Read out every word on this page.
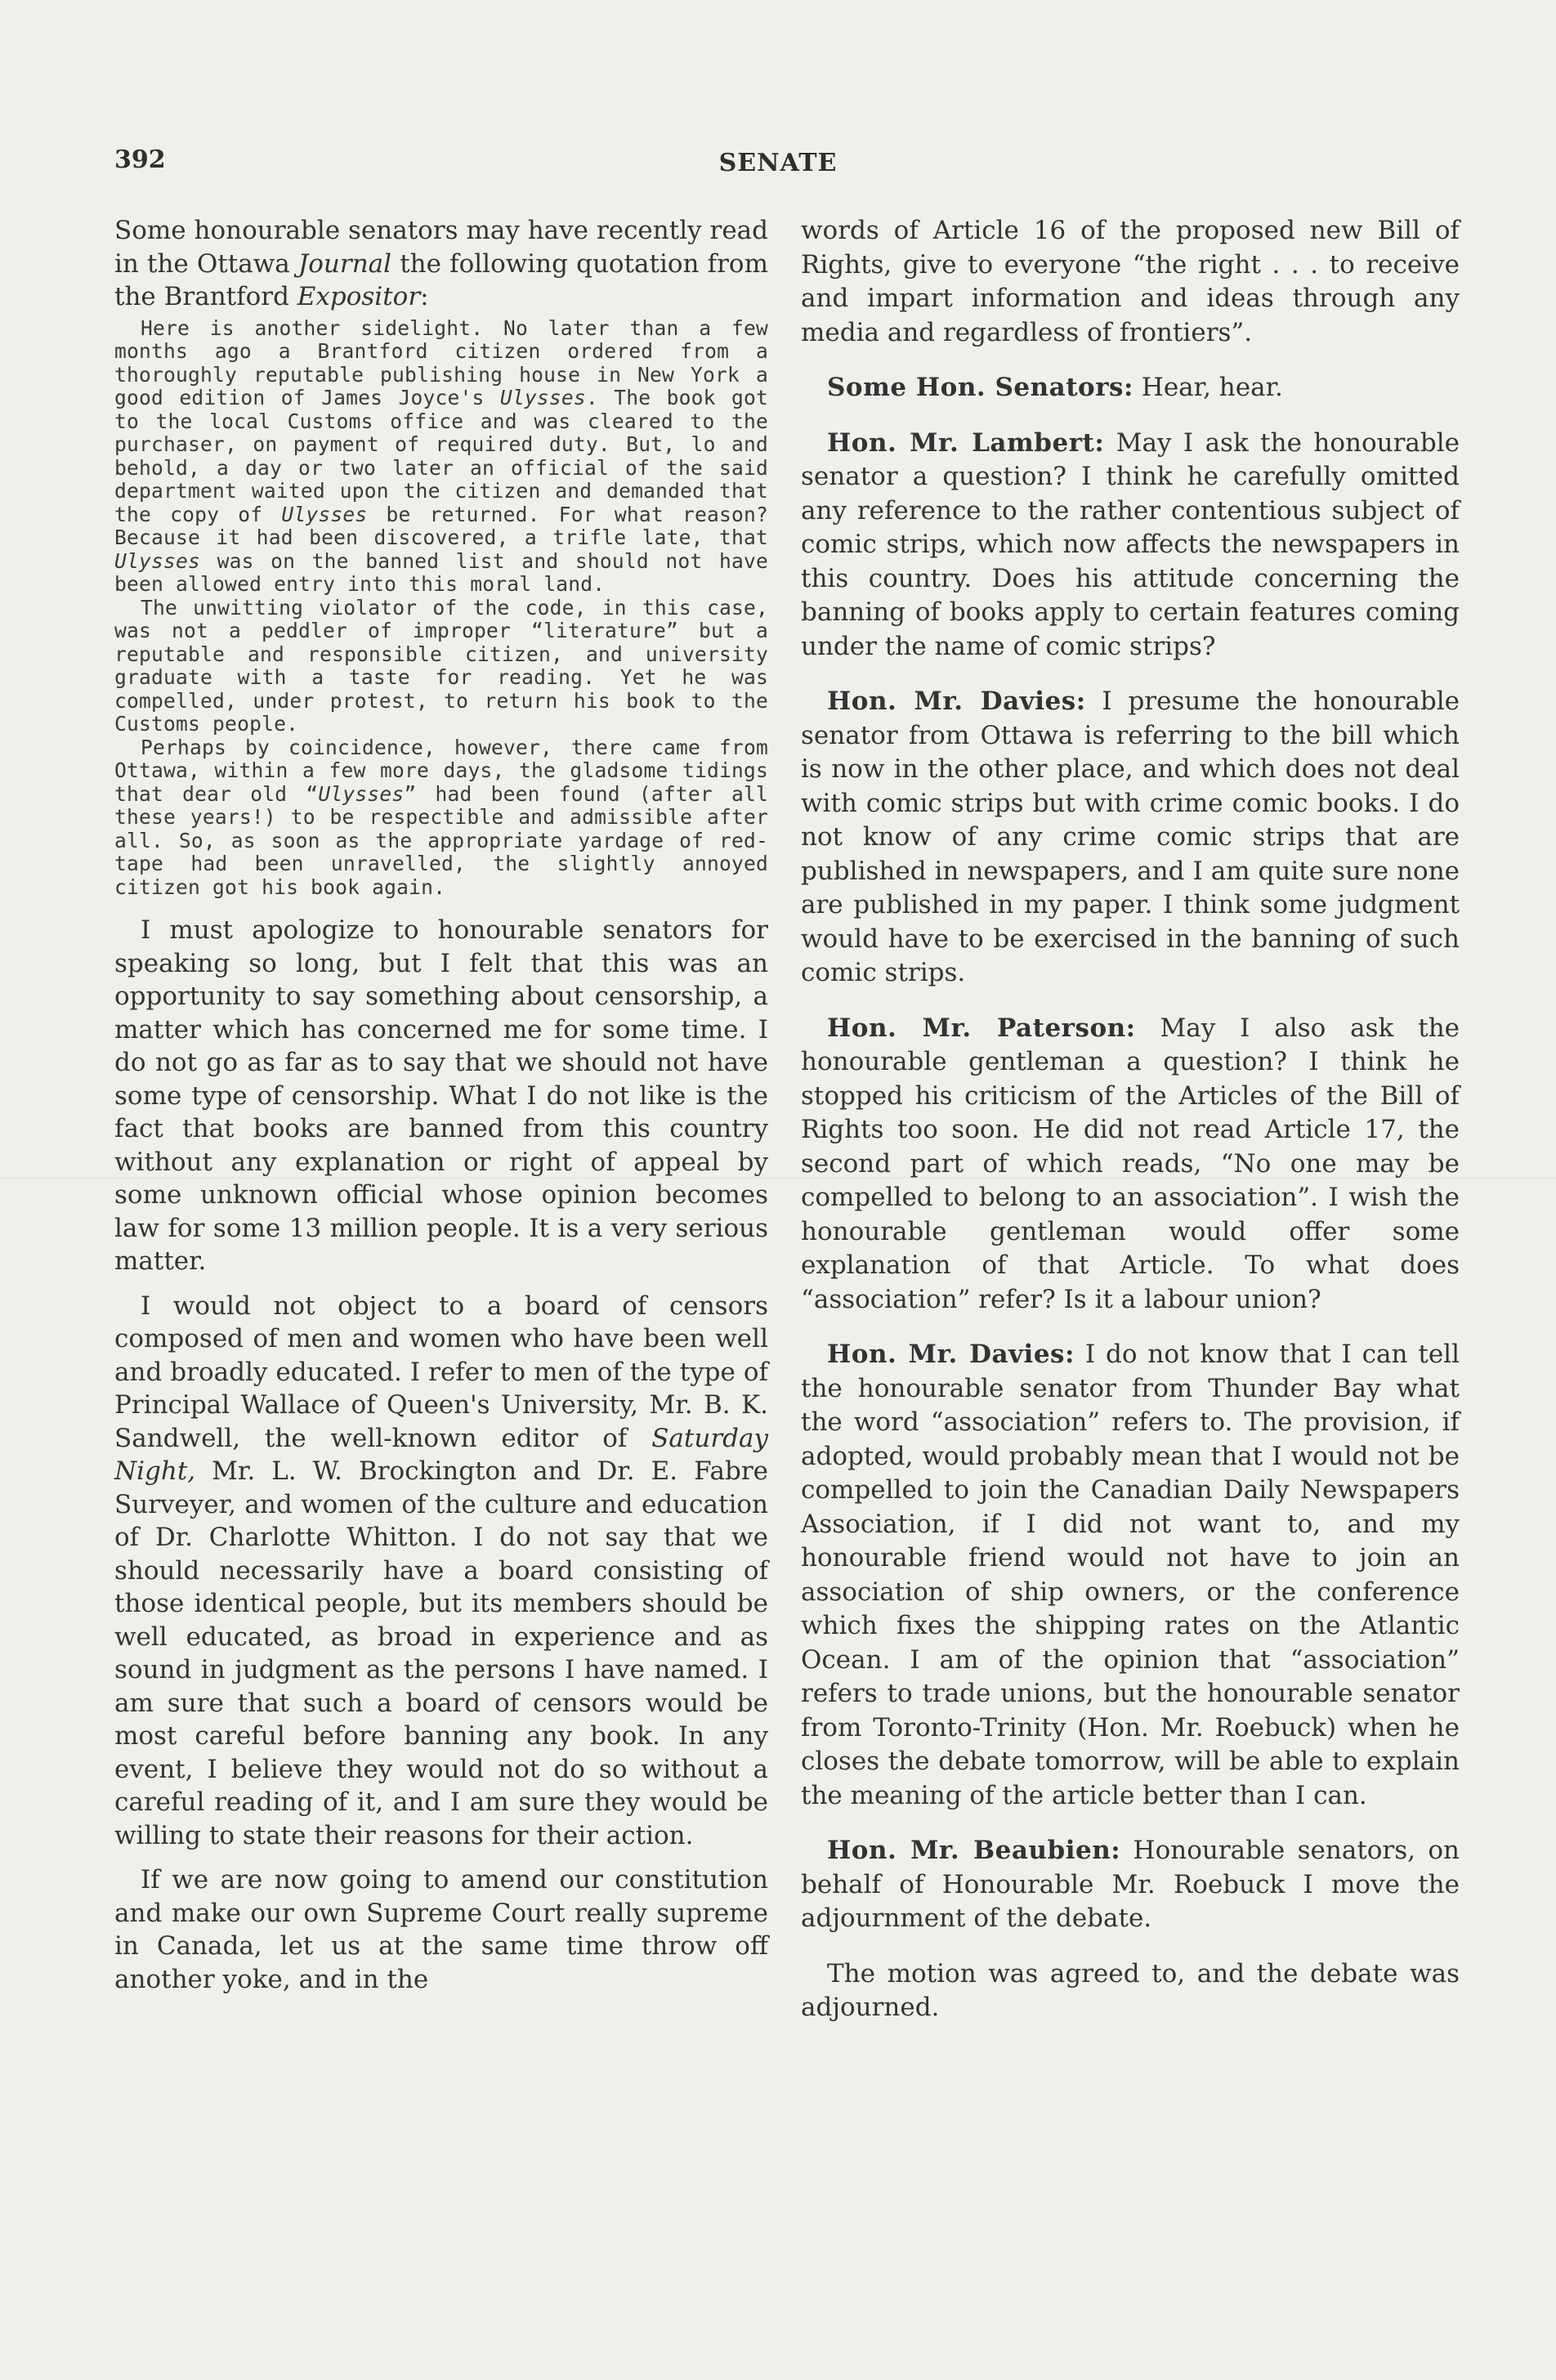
392	SENATE

Some honourable senators may have recently read in the Ottawa Journal the following quotation from the Brantford Expositor:

Here is another sidelight. No later than a few months ago a Brantford citizen ordered from a thoroughly reputable publishing house in New York a good edition of James Joyce's Ulysses. The book got to the local Customs office and was cleared to the purchaser, on payment of required duty. But, lo and behold, a day or two later an official of the said department waited upon the citizen and demanded that the copy of Ulysses be returned. For what reason? Because it had been discovered, a trifle late, that Ulysses was on the banned list and should not have been allowed entry into this moral land.

The unwitting violator of the code, in this case, was not a peddler of improper “literature” but a reputable and responsible citizen, and university graduate with a taste for reading. Yet he was compelled, under protest, to return his book to the Customs people.

Perhaps by coincidence, however, there came from Ottawa, within a few more days, the gladsome tidings that dear old “Ulysses” had been found (after all these years!) to be respectible and admissible after all. So, as soon as the appropriate yardage of red-tape had been unravelled, the slightly annoyed citizen got his book again.

I must apologize to honourable senators for speaking so long, but I felt that this was an opportunity to say something about censorship, a matter which has concerned me for some time. I do not go as far as to say that we should not have some type of censorship. What I do not like is the fact that books are banned from this country without any explanation or right of appeal by some unknown official whose opinion becomes law for some 13 million people. It is a very serious matter.

I would not object to a board of censors composed of men and women who have been well and broadly educated. I refer to men of the type of Principal Wallace of Queen's University, Mr. B. K. Sandwell, the well-known editor of Saturday Night, Mr. L. W. Brockington and Dr. E. Fabre Surveyer, and women of the culture and education of Dr. Charlotte Whitton. I do not say that we should necessarily have a board consisting of those identical people, but its members should be well educated, as broad in experience and as sound in judgment as the persons I have named. I am sure that such a board of censors would be most careful before banning any book. In any event, I believe they would not do so without a careful reading of it, and I am sure they would be willing to state their reasons for their action.

If we are now going to amend our constitution and make our own Supreme Court really supreme in Canada, let us at the same time throw off another yoke, and in the

words of Article 16 of the proposed new Bill of Rights, give to everyone “the right . . . to receive and impart information and ideas through any media and regardless of frontiers”.

Some Hon. Senators: Hear, hear.

Hon. Mr. Lambert: May I ask the honourable senator a question? I think he carefully omitted any reference to the rather contentious subject of comic strips, which now affects the newspapers in this country. Does his attitude concerning the banning of books apply to certain features coming under the name of comic strips?

Hon. Mr. Davies: I presume the honourable senator from Ottawa is referring to the bill which is now in the other place, and which does not deal with comic strips but with crime comic books. I do not know of any crime comic strips that are published in newspapers, and I am quite sure none are published in my paper. I think some judgment would have to be exercised in the banning of such comic strips.

Hon. Mr. Paterson: May I also ask the honourable gentleman a question? I think he stopped his criticism of the Articles of the Bill of Rights too soon. He did not read Article 17, the second part of which reads, “No one may be compelled to belong to an association”. I wish the honourable gentleman would offer some explanation of that Article. To what does “association” refer? Is it a labour union?

Hon. Mr. Davies: I do not know that I can tell the honourable senator from Thunder Bay what the word “association” refers to. The provision, if adopted, would probably mean that I would not be compelled to join the Canadian Daily Newspapers Association, if I did not want to, and my honourable friend would not have to join an association of ship owners, or the conference which fixes the shipping rates on the Atlantic Ocean. I am of the opinion that “association” refers to trade unions, but the honourable senator from Toronto-Trinity (Hon. Mr. Roebuck) when he closes the debate tomorrow, will be able to explain the meaning of the article better than I can.

Hon. Mr. Beaubien: Honourable senators, on behalf of Honourable Mr. Roebuck I move the adjournment of the debate.

The motion was agreed to, and the debate was adjourned.
